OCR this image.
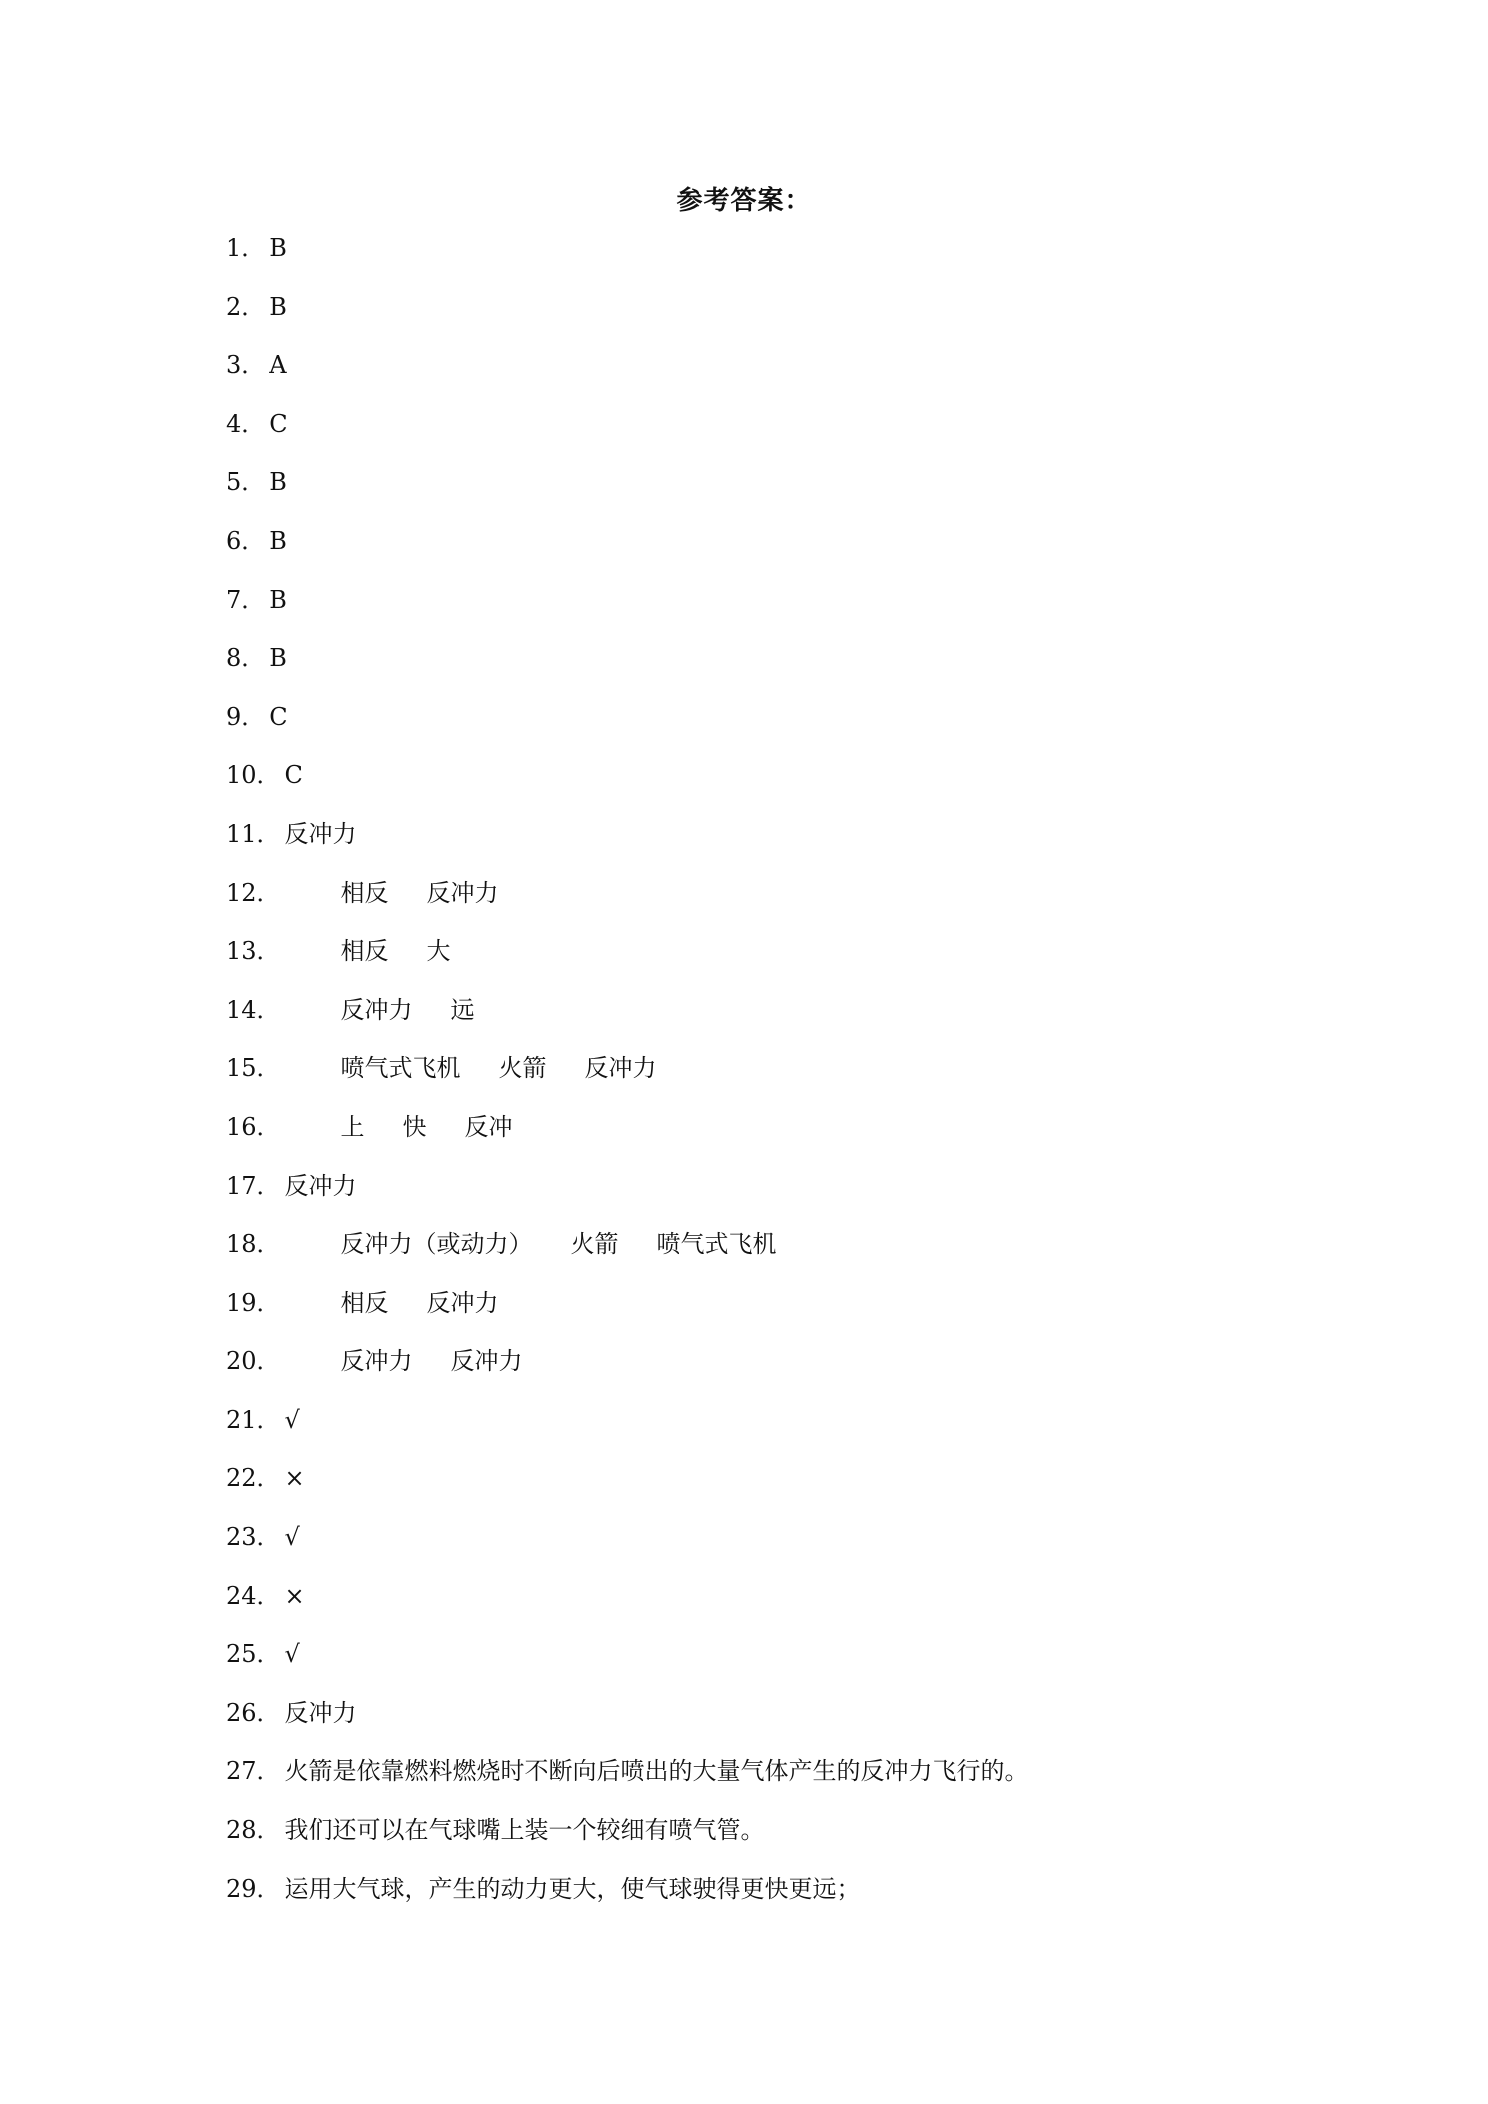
参考答案：
1． B
2． B
3． A
4． C
5． B
6． B
7． B
8． B
9． C
10． C
11． 反冲力
12．	相反 反冲力
13．	相反 大
14．	反冲力 远
15．	喷气式飞机 火箭 反冲力
16．	上 快 反冲
17． 反冲力
18．	反冲力（或动力） 火箭 喷气式飞机
19．	相反 反冲力
20．	反冲力 反冲力
21． √
22． ×
23． √
24． ×
25． √
26． 反冲力
27． 火箭是依靠燃料燃烧时不断向后喷出的大量气体产生的反冲力飞行的。
28． 我们还可以在气球嘴上装一个较细有喷气管。
29． 运用大气球，产生的动力更大，使气球驶得更快更远；
